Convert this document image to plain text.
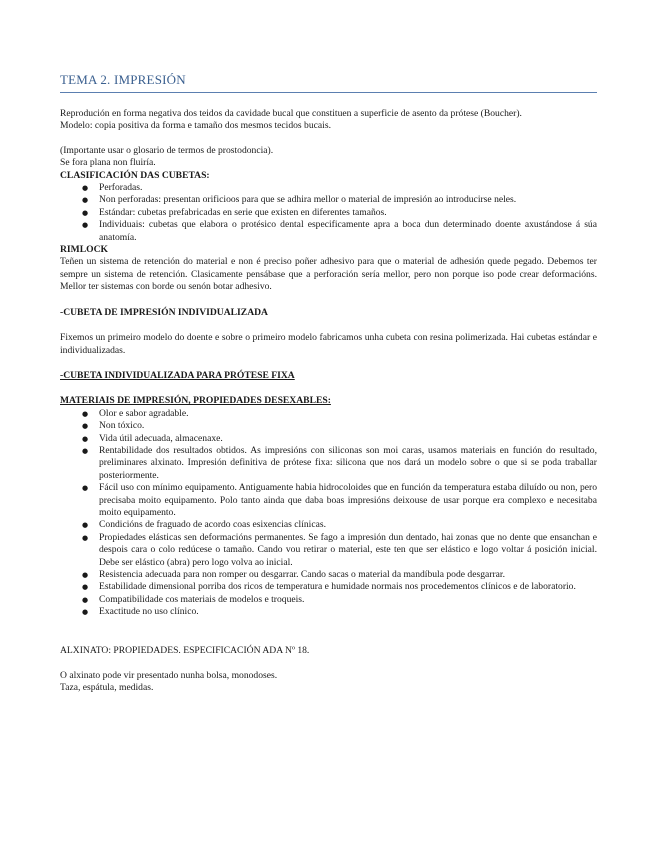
TEMA 2. IMPRESIÓN

Reprodución en forma negativa dos teidos da cavidade bucal que constituen a superficie de asento da prótese (Boucher).

Modelo: copia positiva da forma e tamaño dos mesmos tecidos bucais.

(Importante usar o glosario de termos de prostodoncia).

Se fora plana non fluiría.

CLASIFICACIÓN DAS CUBETAS:

● Perforadas.
● Non perforadas: presentan orificioos para que se adhira mellor o material de impresión ao introducirse neles.
● Estándar: cubetas prefabricadas en serie que existen en diferentes tamaños.
● Individuais: cubetas que elabora o protésico dental especificamente apra a boca dun determinado doente axustándose á súa anatomía.

RIMLOCK

Teñen un sistema de retención do material e non é preciso poñer adhesivo para que o material de adhesión quede pegado. Debemos ter sempre un sistema de retención. Clasicamente pensábase que a perforación sería mellor, pero non porque iso pode crear deformacións. Mellor ter sistemas con borde ou senón botar adhesivo.

-CUBETA DE IMPRESIÓN INDIVIDUALIZADA

Fixemos un primeiro modelo do doente e sobre o primeiro modelo fabricamos unha cubeta con resina polimerizada. Hai cubetas estándar e individualizadas.

-CUBETA INDIVIDUALIZADA PARA PRÓTESE FIXA

MATERIAIS DE IMPRESIÓN, PROPIEDADES DESEXABLES:

● Olor e sabor agradable.
● Non tóxico.
● Vida útil adecuada, almacenaxe.
● Rentabilidade dos resultados obtidos. As impresións con siliconas son moi caras, usamos materiais en función do resultado, preliminares alxinato. Impresión definitiva de prótese fixa: silicona que nos dará un modelo sobre o que si se poda traballar posteriormente.
● Fácil uso con mínimo equipamento. Antiguamente habia hidrocoloides que en función da temperatura estaba diluído ou non, pero precisaba moito equipamento. Polo tanto ainda que daba boas impresións deixouse de usar porque era complexo e necesitaba moito equipamento.
● Condicións de fraguado de acordo coas esixencias clínicas.
● Propiedades elásticas sen deformacións permanentes. Se fago a impresión dun dentado, hai zonas que no dente que ensanchan e despois cara o colo redúcese o tamaño. Cando vou retirar o material, este ten que ser elástico e logo voltar á posición inicial. Debe ser elástico (abra) pero logo volva ao inicial.
● Resistencia adecuada para non romper ou desgarrar. Cando sacas o material da mandíbula pode desgarrar.
● Estabilidade dimensional porriba dos ricos de temperatura e humidade normais nos procedementos clínicos e de laboratorio.
● Compatibilidade cos materiais de modelos e troqueis.
● Exactitude no uso clínico.

ALXINATO: PROPIEDADES. ESPECIFICACIÓN ADA Nº 18.

O alxinato pode vir presentado nunha bolsa, monodoses.

Taza, espátula, medidas.
